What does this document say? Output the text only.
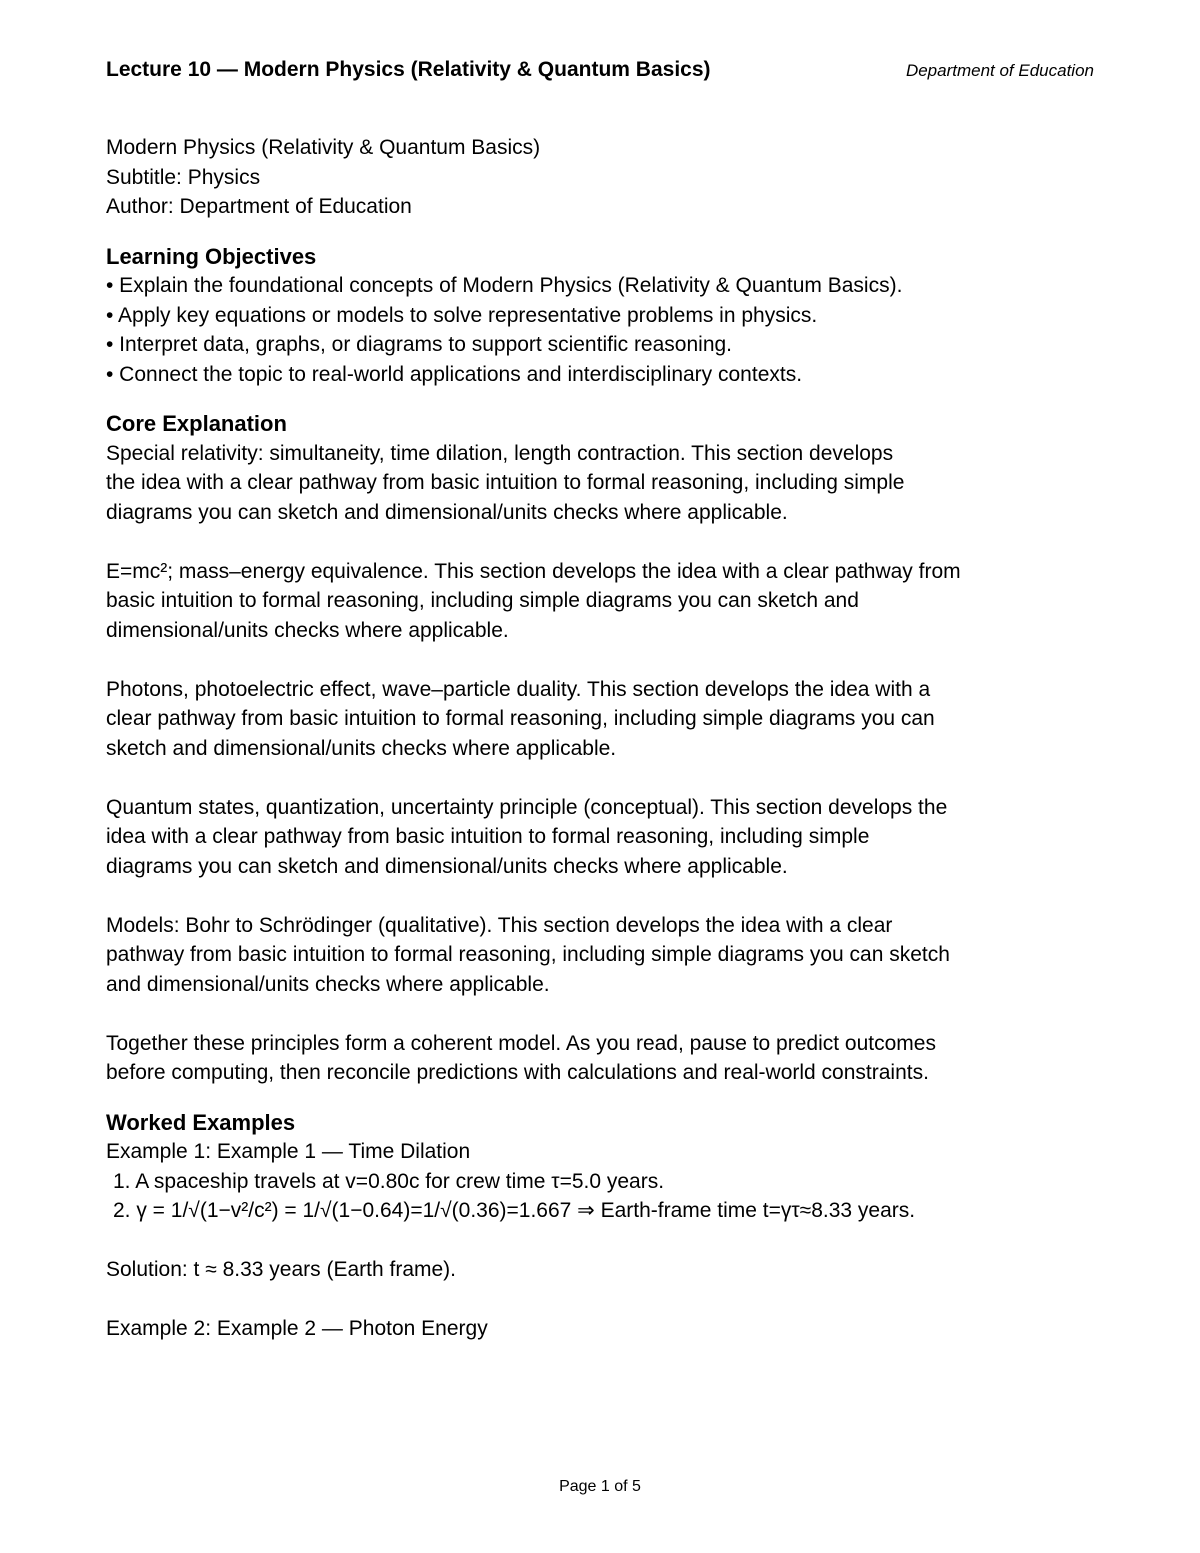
Lecture 10 — Modern Physics (Relativity & Quantum Basics)	Department of Education
Modern Physics (Relativity & Quantum Basics)
Subtitle: Physics
Author: Department of Education
Learning Objectives
• Explain the foundational concepts of Modern Physics (Relativity & Quantum Basics).
• Apply key equations or models to solve representative problems in physics.
• Interpret data, graphs, or diagrams to support scientific reasoning.
• Connect the topic to real-world applications and interdisciplinary contexts.
Core Explanation
Special relativity: simultaneity, time dilation, length contraction. This section develops
the idea with a clear pathway from basic intuition to formal reasoning, including simple
diagrams you can sketch and dimensional/units checks where applicable.
E=mc²; mass–energy equivalence. This section develops the idea with a clear pathway from
basic intuition to formal reasoning, including simple diagrams you can sketch and
dimensional/units checks where applicable.
Photons, photoelectric effect, wave–particle duality. This section develops the idea with a
clear pathway from basic intuition to formal reasoning, including simple diagrams you can
sketch and dimensional/units checks where applicable.
Quantum states, quantization, uncertainty principle (conceptual). This section develops the
idea with a clear pathway from basic intuition to formal reasoning, including simple
diagrams you can sketch and dimensional/units checks where applicable.
Models: Bohr to Schrödinger (qualitative). This section develops the idea with a clear
pathway from basic intuition to formal reasoning, including simple diagrams you can sketch
and dimensional/units checks where applicable.
Together these principles form a coherent model. As you read, pause to predict outcomes
before computing, then reconcile predictions with calculations and real-world constraints.
Worked Examples
Example 1: Example 1 — Time Dilation
1. A spaceship travels at v=0.80c for crew time τ=5.0 years.
2. γ = 1/√(1−v²/c²) = 1/√(1−0.64)=1/√(0.36)=1.667 ⇒ Earth-frame time t=γτ≈8.33 years.
Solution: t ≈ 8.33 years (Earth frame).
Example 2: Example 2 — Photon Energy
Page 1 of 5
